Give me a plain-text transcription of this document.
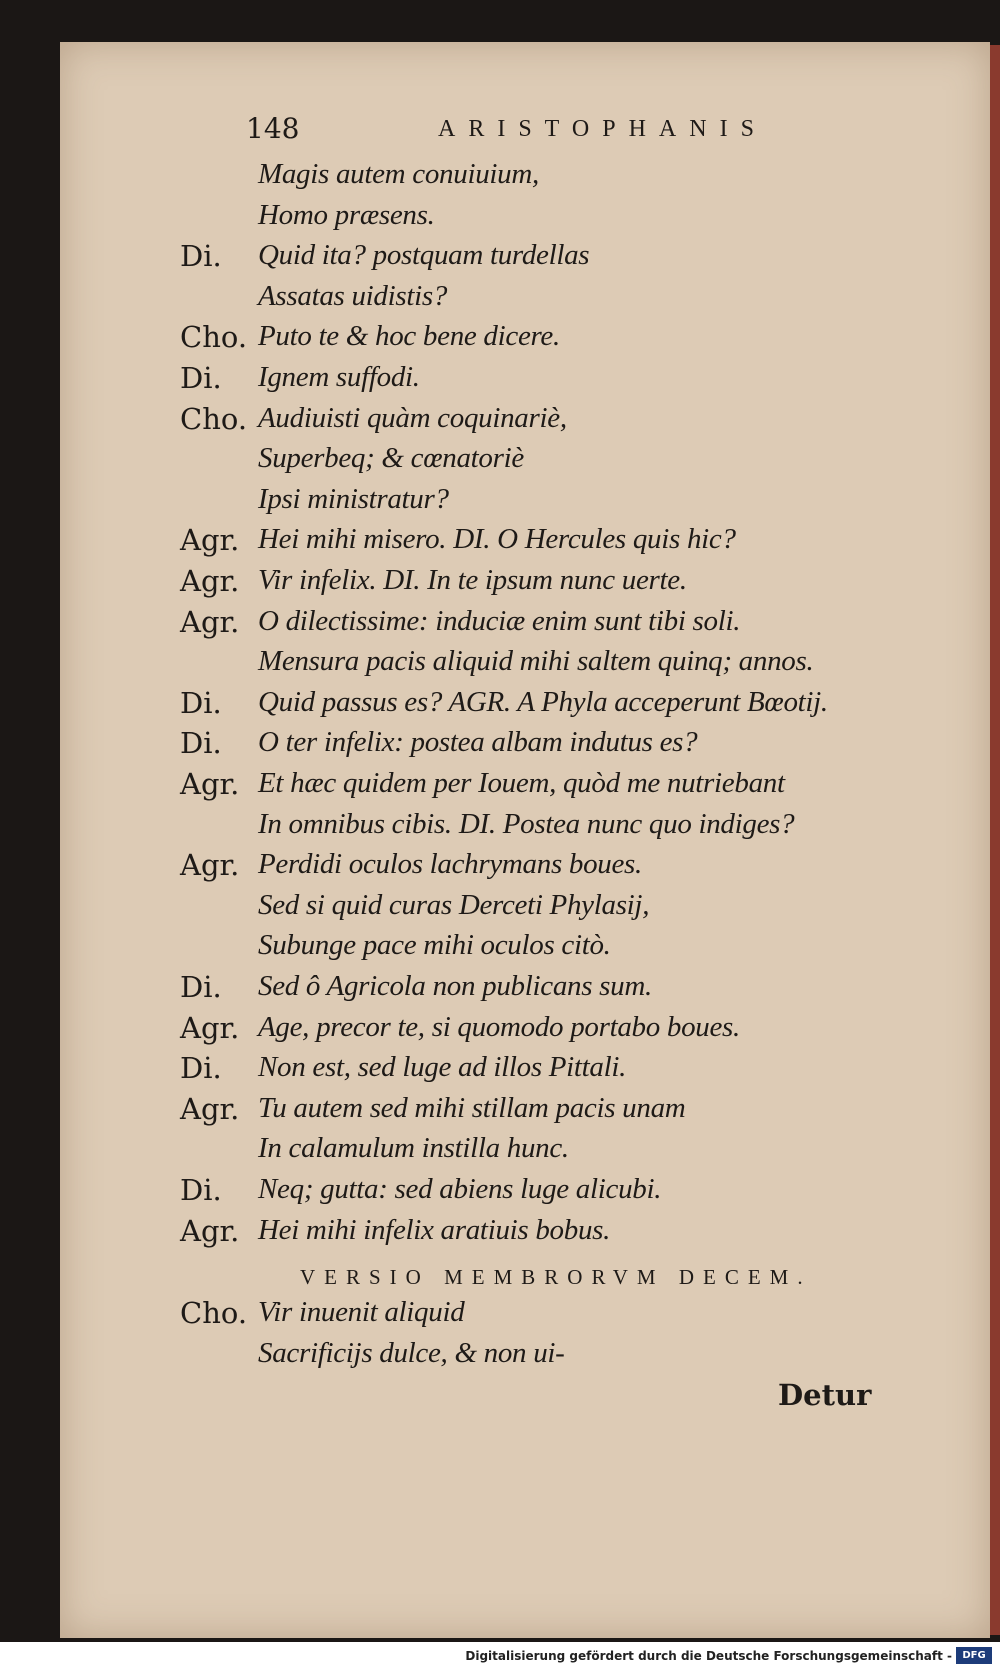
148	ARISTOPHANIS
Magis autem conuiuium,
Homo præsens.
Di. Quid ita? postquam turdellas
Assatas uidistis?
Cho. Puto te & hoc bene dicere.
Di. Ignem suffodi.
Cho. Audiuisti quàm coquinariè,
Superbeq; & cœnatoriè
Ipsi ministratur?
Agr. Hei mihi misero. DI. O Hercules quis hic?
Agr. Vir infelix. DI. In te ipsum nunc uerte.
Agr. O dilectissime: induciæ enim sunt tibi soli.
Mensura pacis aliquid mihi saltem quinq; annos.
Di. Quid passus es? AGR. A Phyla acceperunt Bœotij.
Di. O ter infelix: postea albam indutus es?
Agr. Et hæc quidem per Iouem, quòd me nutriebant
In omnibus cibis. DI. Postea nunc quo indiges?
Agr. Perdidi oculos lachrymans boues.
Sed si quid curas Derceti Phylasij,
Subunge pace mihi oculos citò.
Di. Sed ô Agricola non publicans sum.
Agr. Age, precor te, si quomodo portabo boues.
Di. Non est, sed luge ad illos Pittali.
Agr. Tu autem sed mihi stillam pacis unam
In calamulum instilla hunc.
Di. Neq; gutta: sed abiens luge alicubi.
Agr. Hei mihi infelix aratiuis bobus.
VERSIO MEMBRORVM DECEM.
Cho. Vir inuenit aliquid
Sacrificijs dulce, & non ui-
Detur
Digitalisierung gefördert durch die Deutsche Forschungsgemeinschaft -	DFG
